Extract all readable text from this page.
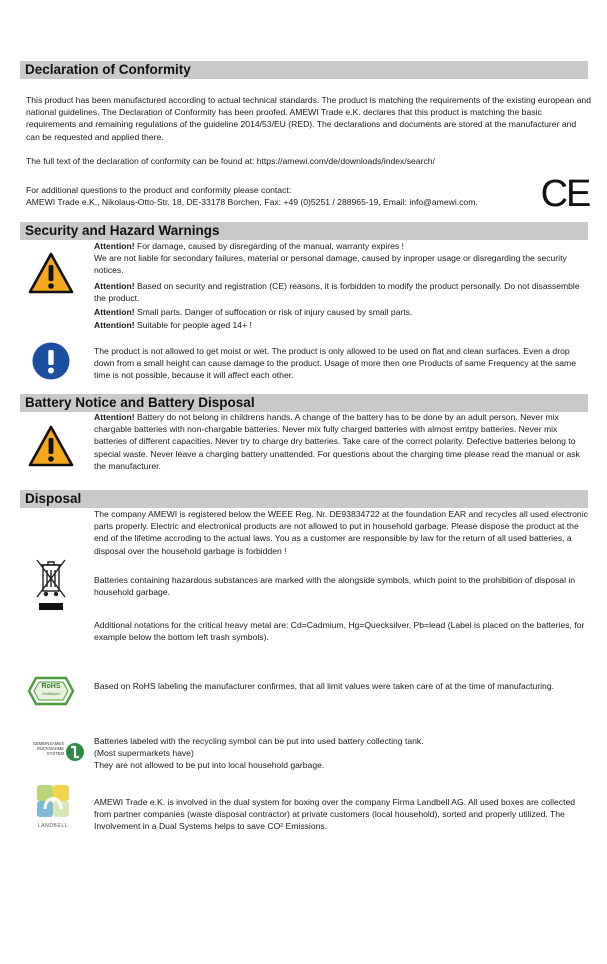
Declaration of Conformity
This product has been manufactured according to actual technical standards. The product is matching the requirements of the existing european and national guidelines. The Declaration of Conformity has been proofed. AMEWI Trade e.K. declares that this product is matching the basic requirements and remaining regulations of the guideline 2014/53/EU (RED). The declarations and documents are stored at the manufacturer and can be requested and applied there.
The full text of the declaration of conformity can be found at: https://amewi.com/de/downloads/index/search/
For additional questions to the product and conformity please contact:
AMEWI Trade e.K., Nikolaus-Otto-Str. 18, DE-33178 Borchen, Fax: +49 (0)5251 / 288965-19, Email: info@amewi.com.	CE
Security and Hazard Warnings

Attention! For damage, caused by disregarding of the manual, warranty expires !

We are not liable for secondary failures, material or personal damage, caused by inproper usage or disregarding the security notices.

Attention! Based on security and registration (CE) reasons, it is forbidden to modify the product personally. Do not disassemble the product.

Attention! Small parts. Danger of suffocation or risk of injury caused by small parts.

Attention! Suitable for people aged 14+ !

The product is not allowed to get moist or wet. The product is only allowed to be used on flat and clean surfaces. Even a drop down from a small height can cause damage to the product. Usage of more then one Products of same Frequency at the same time is not possible, because it will affect each other.
Battery Notice and Battery Disposal

Attention! Battery do not belong in childrens hands. A change of the battery has to be done by an adult person. Never mix chargable batteries with non-chargable batteries. Never mix fully charged batteries with almost emtpy batteries. Never mix batteries of different capacities. Never try to charge dry batteries. Take care of the correct polarity. Defective batteries belong to special waste. Never leave a charging battery unattended. For questions about the charging time please read the manual or ask the manufacturer.

Disposal
The company AMEWI is registered below the WEEE Reg. Nr. DE93834722 at the foundation EAR and recycles all used electronic parts properly. Electric and electronical products are not allowed to put in household garbage. Please dispose the product at the end of the lifetime accroding to the actual laws. You as a customer are responsible by law for the return of all used batteries, a disposal over the household garbage is forbidden !
Batteries containing hazardous substances are marked with the alongside symbols, which point to the prohibition of disposal in household garbage.
Additional notations for the critical heavy metal are: Cd=Cadmium, Hg=Quecksilver, Pb=lead (Label is placed on the batteries, for example below the bottom left trash symbols).
RoHS
Zertifiziert
Based on RoHS labeling the manufacturer confirmes, that all limit values were taken care of at the time of manufacturing.
GEMEINSAMES
RÜCKNAHME
SYSTEM

Batteries labeled with the recycling symbol can be put into used battery collecting tank.

(Most supermarkets have)

They are not allowed to be put into local household garbage.

LANDBELL
AMEWI Trade e.K. is involved in the dual system for boxing over the company Firma Landbell AG. All used boxes are collected from partner companies (waste disposal contractor) at private customers (local household), sorted and properly utilized. The Involvement in a Dual Systems helps to save CO² Emissions.
